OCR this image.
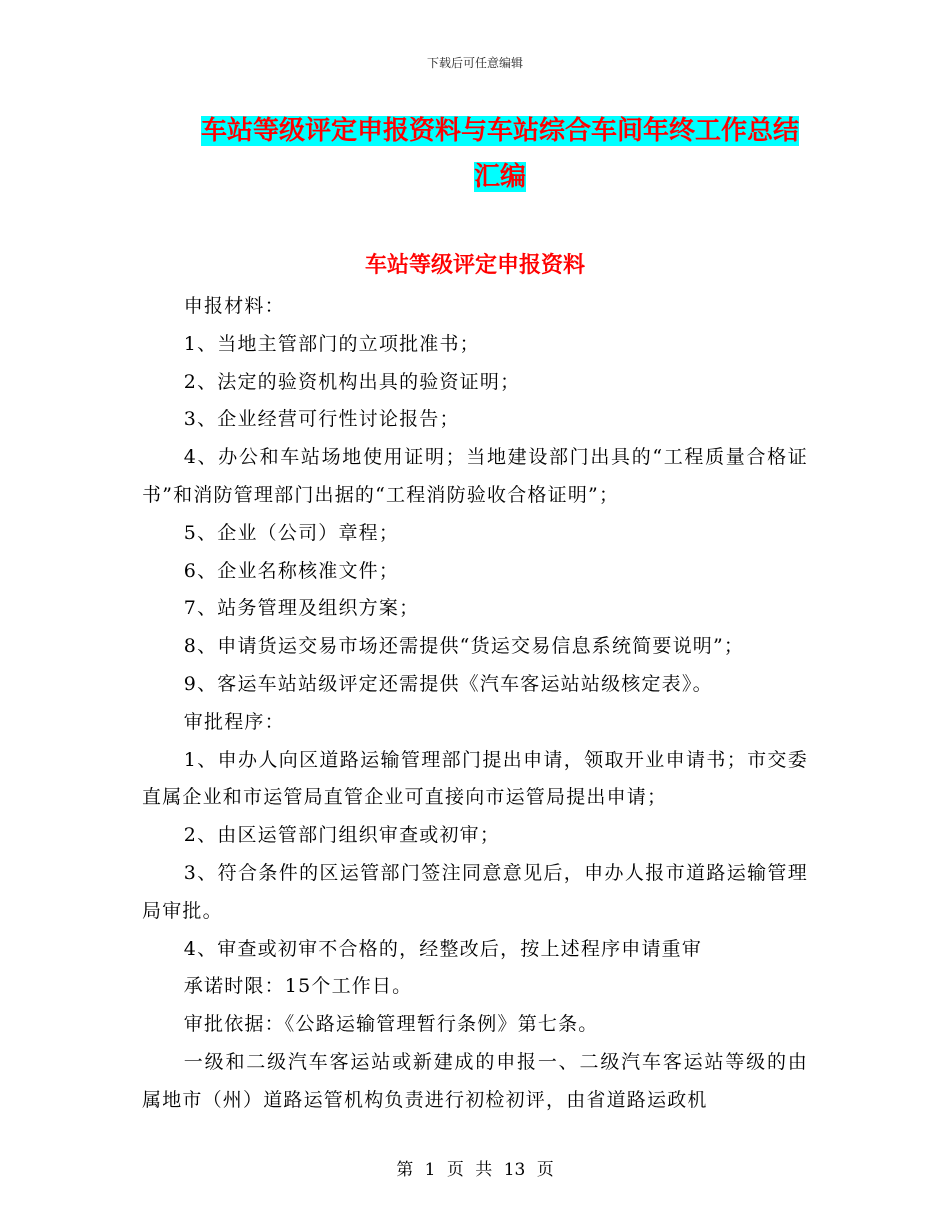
下载后可任意编辑
车站等级评定申报资料与车站综合车间年终工作总结
汇编
车站等级评定申报资料

申报材料：

1、当地主管部门的立项批准书；

2、法定的验资机构出具的验资证明；

3、企业经营可行性讨论报告；

4、办公和车站场地使用证明；当地建设部门出具的“工程质量合格证书”和消防管理部门出据的“工程消防验收合格证明”；

5、企业（公司）章程；

6、企业名称核准文件；

7、站务管理及组织方案；

8、申请货运交易市场还需提供“货运交易信息系统简要说明”；

9、客运车站站级评定还需提供《汽车客运站站级核定表》。

审批程序：

1、申办人向区道路运输管理部门提出申请，领取开业申请书；市交委直属企业和市运管局直管企业可直接向市运管局提出申请；

2、由区运管部门组织审查或初审；

3、符合条件的区运管部门签注同意意见后，申办人报市道路运输管理局审批。

4、审查或初审不合格的，经整改后，按上述程序申请重审

承诺时限：15个工作日。

审批依据：《公路运输管理暂行条例》第七条。

一级和二级汽车客运站或新建成的申报一、二级汽车客运站等级的由属地市（州）道路运管机构负责进行初检初评，由省道路运政机

第 1 页 共 13 页
